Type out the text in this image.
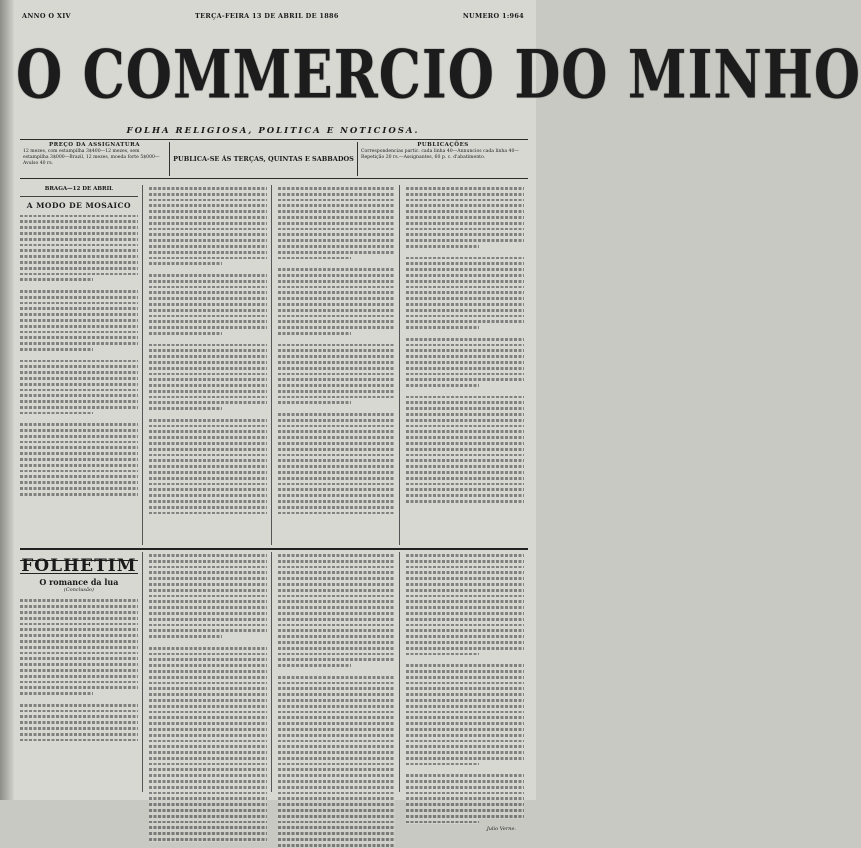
ANNO O XIV	TERÇA-FEIRA 13 DE ABRIL DE 1886	NUMERO 1:964
O COMMERCIO DO MINHO
FOLHA RELIGIOSA, POLITICA E NOTICIOSA.
PREÇO DA ASSIGNATURA
12 mezes, com estampilha 3$400—12 mezes, sem estampilha 3$000—Brazil, 12 mezes, moeda forte 5$000—Avulso 40 rs.
PUBLICA-SE ÁS TERÇAS, QUINTAS E SABBADOS
PUBLICAÇÕES
Correspondencias partic. cada linha 40—Annuncios cada linha 40—Repetição 20 rs.—Assignantes, 60 p. c. d'abatimento.
BRAGA—12 DE ABRIL
A MODO DE MOSAICO
FOLHETIM
O romance da lua
(Conclusão)
Julio Verne.
